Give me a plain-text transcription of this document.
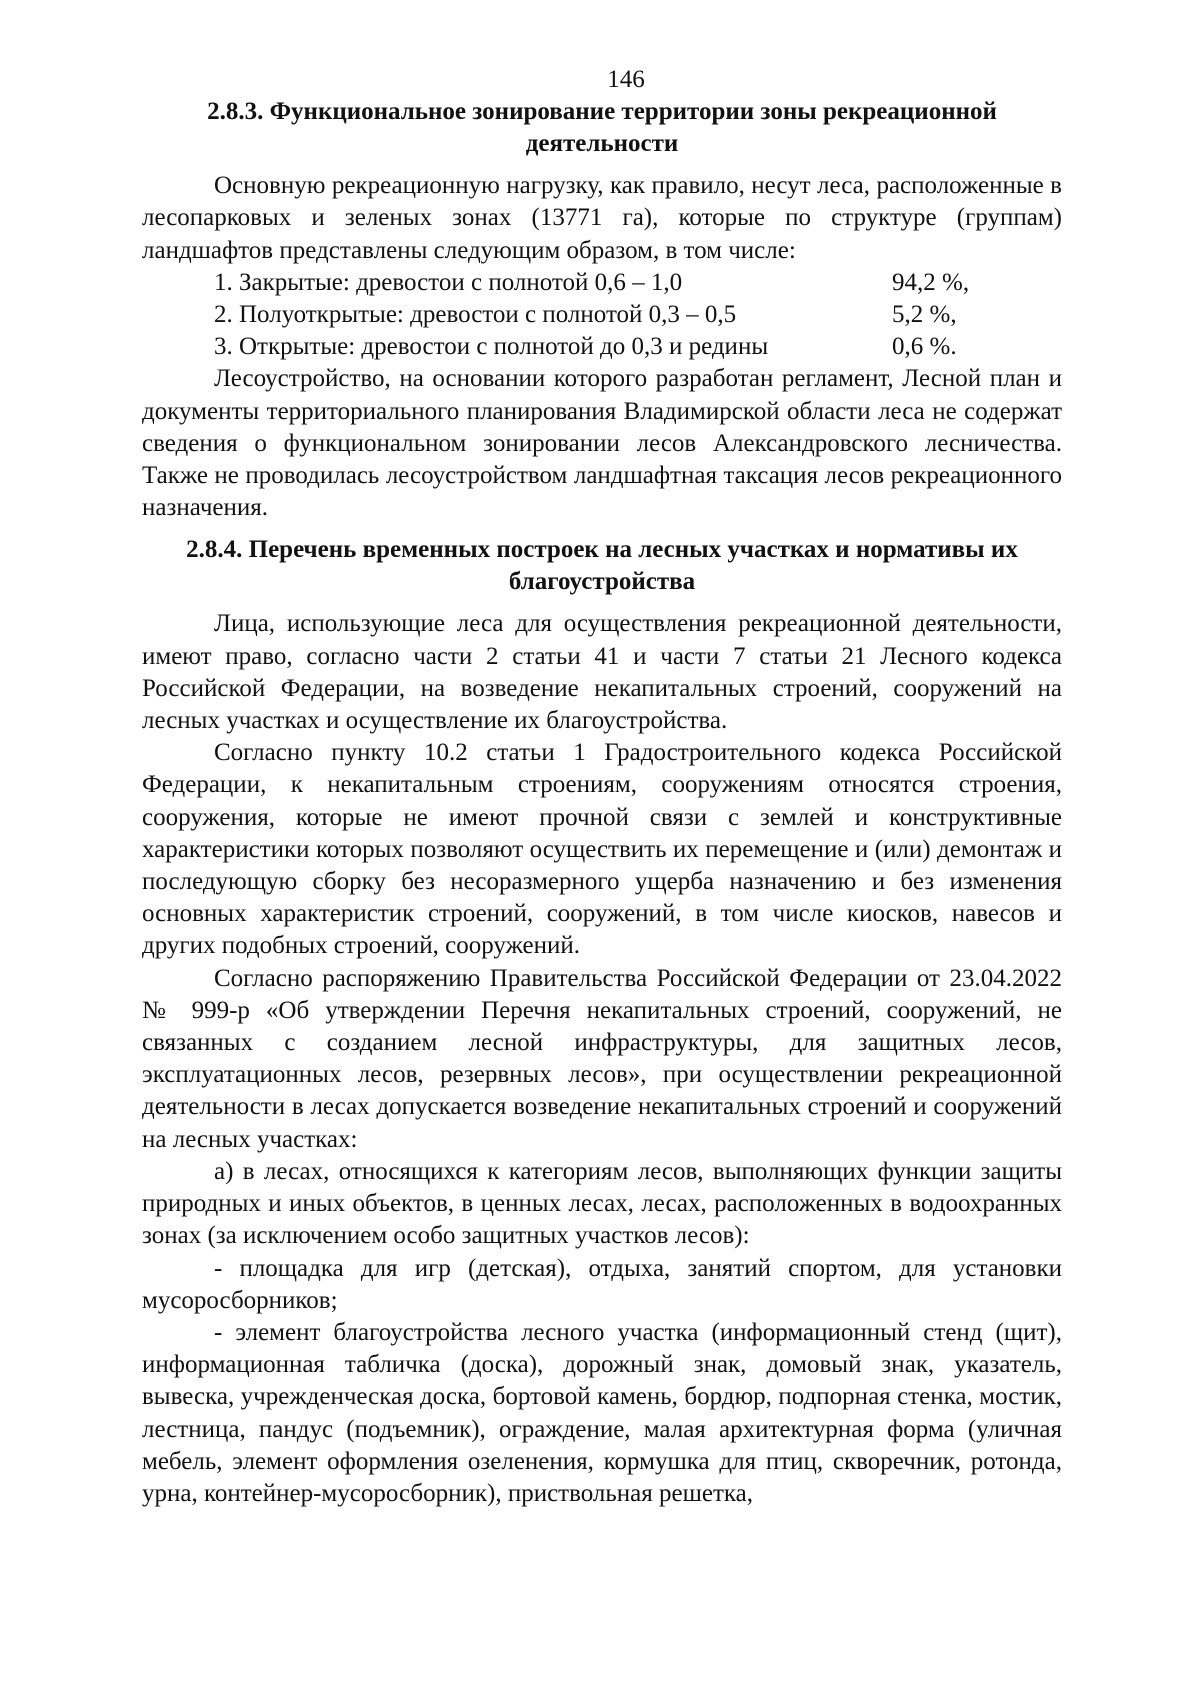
146
2.8.3. Функциональное зонирование территории зоны рекреационной деятельности

Основную рекреационную нагрузку, как правило, несут леса, расположенные в лесопарковых и зеленых зонах (13771 га), которые по структуре (группам) ландшафтов представлены следующим образом, в том числе:

1. Закрытые: древостои с полнотой 0,6 – 1,0	94,2 %,
2. Полуоткрытые: древостои с полнотой 0,3 – 0,5	5,2 %,
3. Открытые: древостои с полнотой до 0,3 и редины	0,6 %.

Лесоустройство, на основании которого разработан регламент, Лесной план и документы территориального планирования Владимирской области леса не содержат сведения о функциональном зонировании лесов Александровского лесничества. Также не проводилась лесоустройством ландшафтная таксация лесов рекреационного назначения.

2.8.4. Перечень временных построек на лесных участках и нормативы их благоустройства

Лица, использующие леса для осуществления рекреационной деятельности, имеют право, согласно части 2 статьи 41 и части 7 статьи 21 Лесного кодекса Российской Федерации, на возведение некапитальных строений, сооружений на лесных участках и осуществление их благоустройства.

Согласно пункту 10.2 статьи 1 Градостроительного кодекса Российской Федерации, к некапитальным строениям, сооружениям относятся строения, сооружения, которые не имеют прочной связи с землей и конструктивные характеристики которых позволяют осуществить их перемещение и (или) демонтаж и последующую сборку без несоразмерного ущерба назначению и без изменения основных характеристик строений, сооружений, в том числе киосков, навесов и других подобных строений, сооружений.

Согласно распоряжению Правительства Российской Федерации от 23.04.2022 № 999-р «Об утверждении Перечня некапитальных строений, сооружений, не связанных с созданием лесной инфраструктуры, для защитных лесов, эксплуатационных лесов, резервных лесов», при осуществлении рекреационной деятельности в лесах допускается возведение некапитальных строений и сооружений на лесных участках:

а) в лесах, относящихся к категориям лесов, выполняющих функции защиты природных и иных объектов, в ценных лесах, лесах, расположенных в водоохранных зонах (за исключением особо защитных участков лесов):

- площадка для игр (детская), отдыха, занятий спортом, для установки мусоросборников;

- элемент благоустройства лесного участка (информационный стенд (щит), информационная табличка (доска), дорожный знак, домовый знак, указатель, вывеска, учрежденческая доска, бортовой камень, бордюр, подпорная стенка, мостик, лестница, пандус (подъемник), ограждение, малая архитектурная форма (уличная мебель, элемент оформления озеленения, кормушка для птиц, скворечник, ротонда, урна, контейнер-мусоросборник), приствольная решетка,
